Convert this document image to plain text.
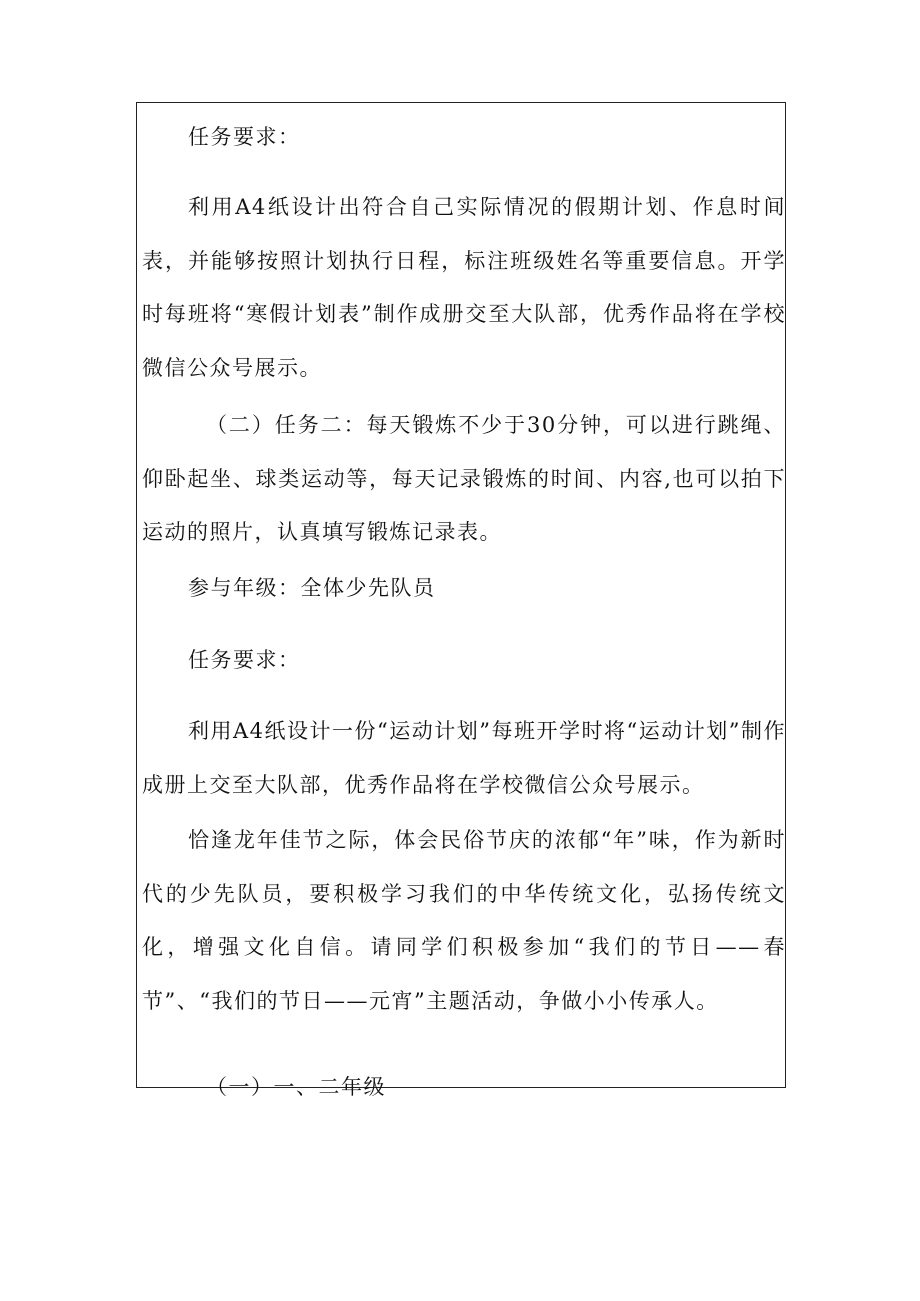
任务要求：

利用A4纸设计出符合自己实际情况的假期计划、作息时间表，并能够按照计划执行日程，标注班级姓名等重要信息。开学时每班将“寒假计划表”制作成册交至大队部，优秀作品将在学校微信公众号展示。

（二）任务二：每天锻炼不少于30分钟，可以进行跳绳、仰卧起坐、球类运动等，每天记录锻炼的时间、内容,也可以拍下运动的照片，认真填写锻炼记录表。

参与年级：全体少先队员

任务要求：

利用A4纸设计一份“运动计划”每班开学时将“运动计划”制作成册上交至大队部，优秀作品将在学校微信公众号展示。

恰逢龙年佳节之际，体会民俗节庆的浓郁“年”味，作为新时代的少先队员，要积极学习我们的中华传统文化，弘扬传统文化，增强文化自信。请同学们积极参加“我们的节日——春节”、“我们的节日——元宵”主题活动，争做小小传承人。

（一）一、二年级
